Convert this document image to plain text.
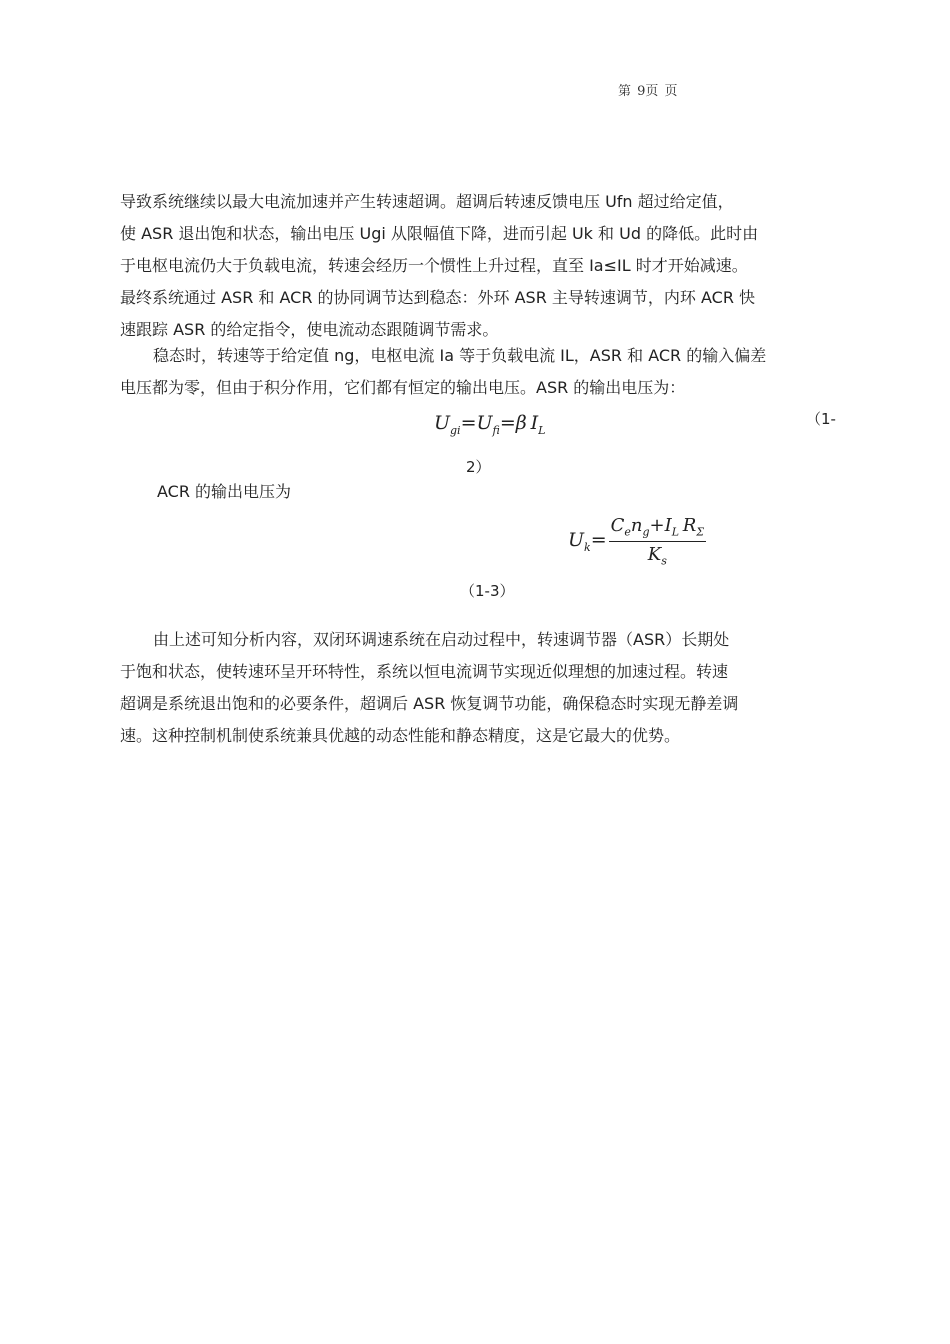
第 9页 页
导致系统继续以最大电流加速并产生转速超调。超调后转速反馈电压 Ufn 超过给定值，
使 ASR 退出饱和状态，输出电压 Ugi 从限幅值下降，进而引起 Uk 和 Ud 的降低。此时由
于电枢电流仍大于负载电流，转速会经历一个惯性上升过程，直至 Ia≤IL 时才开始减速。
最终系统通过 ASR 和 ACR 的协同调节达到稳态：外环 ASR 主导转速调节，内环 ACR 快
速跟踪 ASR 的给定指令，使电流动态跟随调节需求。
稳态时，转速等于给定值 ng，电枢电流 Ia 等于负载电流 IL，ASR 和 ACR 的输入偏差
电压都为零，但由于积分作用，它们都有恒定的输出电压。ASR 的输出电压为：
$U_{gi}=U_{fi}=\beta$  $I_L$
（1-
2）
ACR 的输出电压为
$U_k= \frac{C_en_g+I_L R_\Sigma}{K_s}$
（1-3）
由上述可知分析内容，双闭环调速系统在启动过程中，转速调节器（ASR）长期处
于饱和状态，使转速环呈开环特性，系统以恒电流调节实现近似理想的加速过程。转速
超调是系统退出饱和的必要条件，超调后 ASR 恢复调节功能，确保稳态时实现无静差调
速。这种控制机制使系统兼具优越的动态性能和静态精度，这是它最大的优势。
